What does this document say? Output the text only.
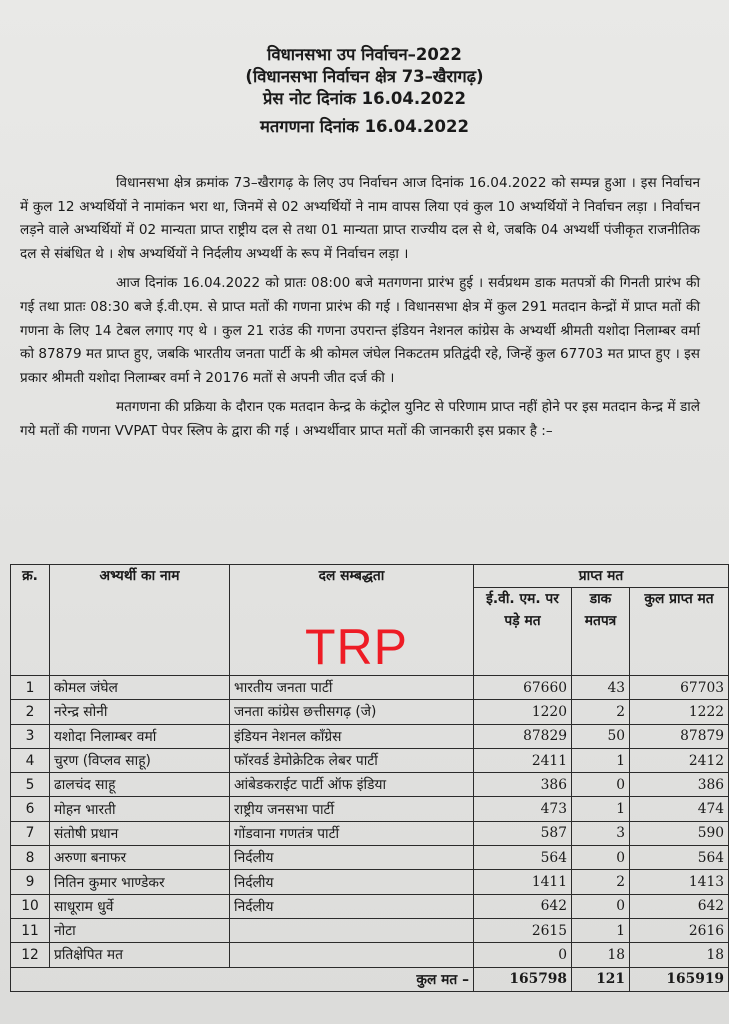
विधानसभा उप निर्वाचन–2022
(विधानसभा निर्वाचन क्षेत्र 73–खैरागढ़)
प्रेस नोट दिनांक 16.04.2022
मतगणना दिनांक 16.04.2022

विधानसभा क्षेत्र क्रमांक 73–खैरागढ़ के लिए उप निर्वाचन आज दिनांक 16.04.2022 को सम्पन्न हुआ । इस निर्वाचन में कुल 12 अभ्यर्थियों ने नामांकन भरा था, जिनमें से 02 अभ्यर्थियों ने नाम वापस लिया एवं कुल 10 अभ्यर्थियों ने निर्वाचन लड़ा । निर्वाचन लड़ने वाले अभ्यर्थियों में 02 मान्यता प्राप्त राष्ट्रीय दल से तथा 01 मान्यता प्राप्त राज्यीय दल से थे, जबकि 04 अभ्यर्थी पंजीकृत राजनीतिक दल से संबंधित थे । शेष अभ्यर्थियों ने निर्दलीय अभ्यर्थी के रूप में निर्वाचन लड़ा ।

आज दिनांक 16.04.2022 को प्रातः 08:00 बजे मतगणना प्रारंभ हुई । सर्वप्रथम डाक मतपत्रों की गिनती प्रारंभ की गई तथा प्रातः 08:30 बजे ई.वी.एम. से प्राप्त मतों की गणना प्रारंभ की गई । विधानसभा क्षेत्र में कुल 291 मतदान केन्द्रों में प्राप्त मतों की गणना के लिए 14 टेबल लगाए गए थे । कुल 21 राउंड की गणना उपरान्त इंडियन नेशनल कांग्रेस के अभ्यर्थी श्रीमती यशोदा निलाम्बर वर्मा को 87879 मत प्राप्त हुए, जबकि भारतीय जनता पार्टी के श्री कोमल जंघेल निकटतम प्रतिद्वंदी रहे, जिन्हें कुल 67703 मत प्राप्त हुए । इस प्रकार श्रीमती यशोदा निलाम्बर वर्मा ने 20176 मतों से अपनी जीत दर्ज की ।

मतगणना की प्रक्रिया के दौरान एक मतदान केन्द्र के कंट्रोल युनिट से परिणाम प्राप्त नहीं होने पर इस मतदान केन्द्र में डाले गये मतों की गणना VVPAT पेपर स्लिप के द्वारा की गई । अभ्यर्थीवार प्राप्त मतों की जानकारी इस प्रकार है :–

क्र.	अभ्यर्थी का नाम	दल सम्बद्धता	प्राप्त मत		
			ई.वी. एम. पर पड़े मत	डाक मतपत्र	कुल प्राप्त मत
1	कोमल जंघेल	भारतीय जनता पार्टी	67660	43	67703
2	नरेन्द्र सोनी	जनता कांग्रेस छत्तीसगढ़ (जे)	1220	2	1222
3	यशोदा निलाम्बर वर्मा	इंडियन नेशनल कॉंग्रेस	87829	50	87879
4	चुरण (विप्लव साहू)	फॉरवर्ड डेमोक्रेटिक लेबर पार्टी	2411	1	2412
5	ढालचंद साहू	आंबेडकराईट पार्टी ऑफ इंडिया	386	0	386
6	मोहन भारती	राष्ट्रीय जनसभा पार्टी	473	1	474
7	संतोषी प्रधान	गोंडवाना गणतंत्र पार्टी	587	3	590
8	अरुणा बनाफर	निर्दलीय	564	0	564
9	नितिन कुमार भाण्डेकर	निर्दलीय	1411	2	1413
10	साधूराम धुर्वे	निर्दलीय	642	0	642
11	नोटा		2615	1	2616
12	प्रतिक्षेपित मत		0	18	18
कुल मत –			165798	121	165919
TRP
